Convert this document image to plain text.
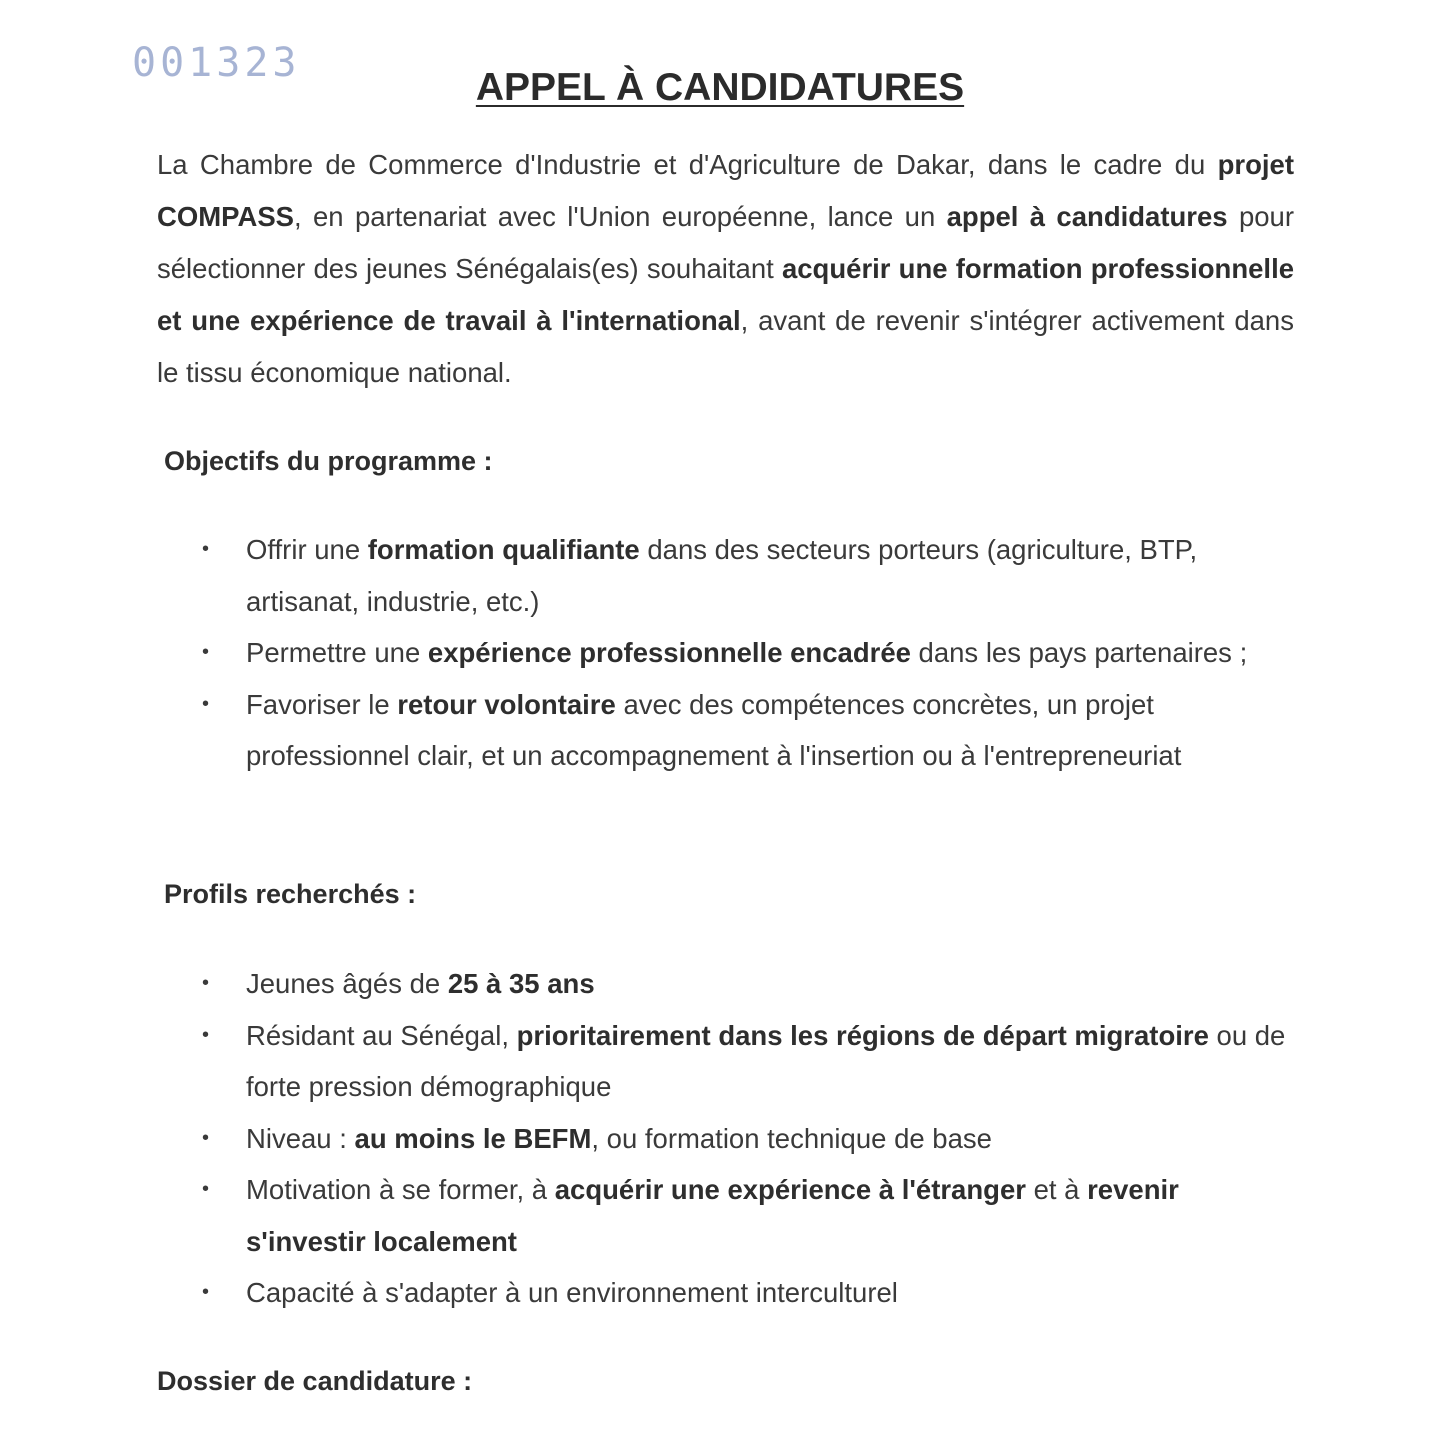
001323
APPEL À CANDIDATURES

La Chambre de Commerce d'Industrie et d'Agriculture de Dakar, dans le cadre du projet COMPASS, en partenariat avec l'Union européenne, lance un appel à candidatures pour sélectionner des jeunes Sénégalais(es) souhaitant acquérir une formation professionnelle et une expérience de travail à l'international, avant de revenir s'intégrer activement dans le tissu économique national.

Objectifs du programme :
• Offrir une formation qualifiante dans des secteurs porteurs (agriculture, BTP, artisanat, industrie, etc.)
• Permettre une expérience professionnelle encadrée dans les pays partenaires ;
• Favoriser le retour volontaire avec des compétences concrètes, un projet professionnel clair, et un accompagnement à l'insertion ou à l'entrepreneuriat
Profils recherchés :
• Jeunes âgés de 25 à 35 ans
• Résidant au Sénégal, prioritairement dans les régions de départ migratoire ou de forte pression démographique
• Niveau : au moins le BEFM, ou formation technique de base
• Motivation à se former, à acquérir une expérience à l'étranger et à revenir s'investir localement
• Capacité à s'adapter à un environnement interculturel
Dossier de candidature :
